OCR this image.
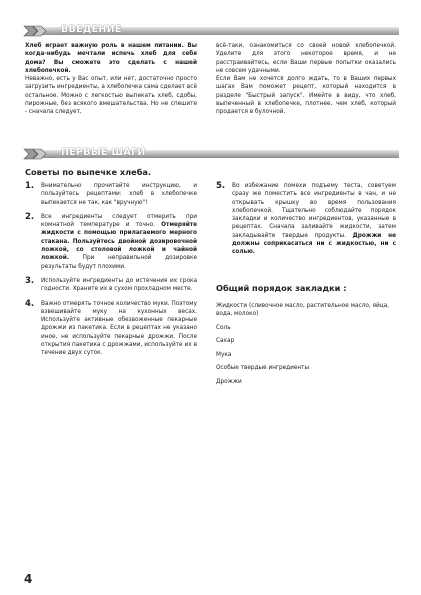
ВВЕДЕНИЕ

Хлеб играет важную роль в нашем питании. Вы когда-нибудь мечтали испечь хлеб для себя дома? Вы сможете это сделать с нашей хлебопечкой.

Неважно, есть у Вас опыт, или нет, достаточно просто загрузить ингредиенты, а хлебопечка сама сделает всё остальное. Можно с легкостью выпекать хлеб, сдобы, пирожные, без всякого вмешательства. Но не спешите - сначала следует,

всё-таки, ознакомиться со своей новой хлебопечкой. Уделите для этого некоторое время, и не расстраивайтесь, если Ваши первые попытки оказались не совсем удачными.

Если Вам не хочется долго ждать, то в Ваших первых шагах Вам поможет рецепт, который находится в разделе "Быстрый запуск". Имейте в виду, что хлеб, выпеченный в хлебопечке, плотнее, чем хлеб, который продается в булочной.

ПЕРВЫЕ ШАГИ
Советы по выпечке хлеба.
1. Внимательно прочитайте инструкцию, и пользуйтесь рецептами: хлеб в хлебопечке выпекается не так, как "вручную"!
2. Все ингредиенты следует отмерить при комнатной температуре и точно. Отмеряйте жидкости с помощью прилагаемого мерного стакана. Пользуйтесь двойной дозировочной ложкой, со столовой ложкой и чайной ложкой. При неправильной дозировке результаты будут плохими.
3. Используйте ингредиенты до истечения их срока годности. Храните их в сухом прохладном месте.
4. Важно отмерять точное количество муки. Поэтому взвешивайте муку на кухонных весах. Используйте активные обезвоженные пекарные дрожжи из пакетика. Если в рецептах не указано иное, не используйте пекарные дрожжи. После открытия пакетика с дрожжами, используйте их в течение двух суток.
5. Во избежание помехи подъему теста, советуем сразу же поместить все ингредиенты в чан, и не открывать крышку во время пользования хлебопечкой. Тщательно соблюдайте порядок закладки и количество ингредиентов, указанные в рецептах. Сначала заливайте жидкости, затем закладывайте твердые продукты. Дрожжи не должны соприкасаться ни с жидкостью, ни с солью.
Общий порядок закладки :
Жидкости (сливочное масло, растительное масло, яйца, вода, молоко)
Соль
Сахар
Мука
Особые твердые ингредиенты
Дрожжи
4
